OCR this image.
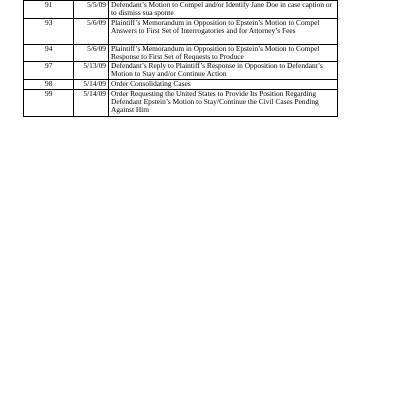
91	5/5/09	Defendant’s Motion to Compel and/or Identify Jane Doe in case caption or to dismiss sua sponte
93	5/6/09	Plaintiff’s Memorandum in Opposition to Epstein’s Motion to Compel Answers to First Set of Interrogatories and for Attorney’s Fees
94	5/6/09	Plaintiff’s Memorandum in Opposition to Epstein’s Motion to Compel Response to First Set of Requests to Produce
97	5/13/09	Defendant’s Reply to Plaintiff’s Response in Opposition to Defendant’s Motion to Stay and/or Continue Action
98	5/14/09	Order Consolidating Cases
99	5/14/09	Order Requesting the United States to Provide Its Position Regarding Defendant Epstein’s Motion to Stay/Continue the Civil Cases Pending Against Him
